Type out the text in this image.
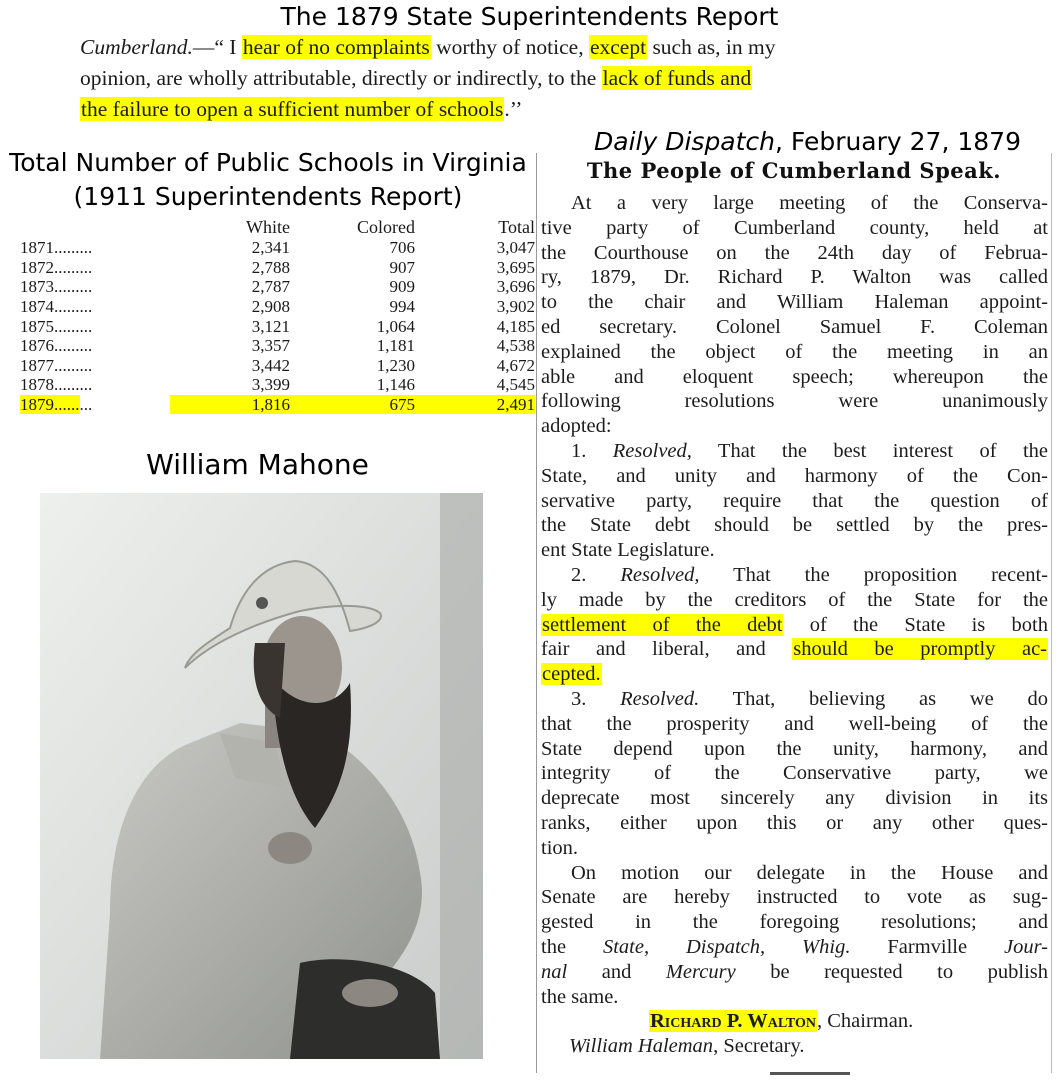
The 1879 State Superintendents Report
Cumberland.—“ I hear of no complaints worthy of notice, except such as, in my
opinion, are wholly attributable, directly or indirectly, to the lack of funds and
the failure to open a sufficient number of schools.’’
Total Number of Public Schools in Virginia (1911 Superintendents Report)
	White	Colored	Total
1871.........	2,341	706	3,047
1872.........	2,788	907	3,695
1873.........	2,787	909	3,696
1874.........	2,908	994	3,902
1875.........	3,121	1,064	4,185
1876.........	3,357	1,181	4,538
1877.........	3,442	1,230	4,672
1878.........	3,399	1,146	4,545
1879.........	1,816	675	2,491
William Mahone
Daily Dispatch, February 27, 1879
The People of Cumberland Speak.
At a very large meeting of the Conserva-
tive party of Cumberland county, held at
the Courthouse on the 24th day of Februa-
ry, 1879, Dr. Richard P. Walton was called
to the chair and William Haleman appoint-
ed secretary. Colonel Samuel F. Coleman
explained the object of the meeting in an
able and eloquent speech; whereupon the
following resolutions were unanimously
adopted:
1. Resolved, That the best interest of the
State, and unity and harmony of the Con-
servative party, require that the question of
the State debt should be settled by the pres-
ent State Legislature.
2. Resolved, That the proposition recent-
ly made by the creditors of the State for the
settlement of the debt of the State is both
fair and liberal, and should be promptly ac-
cepted.
3. Resolved. That, believing as we do
that the prosperity and well-being of the
State depend upon the unity, harmony, and
integrity of the Conservative party, we
deprecate most sincerely any division in its
ranks, either upon this or any other ques-
tion.
On motion our delegate in the House and
Senate are hereby instructed to vote as sug-
gested in the foregoing resolutions; and
the State, Dispatch, Whig. Farmville Jour-
nal and Mercury be requested to publish
the same.
Richard P. Walton, Chairman.
William Haleman, Secretary.
